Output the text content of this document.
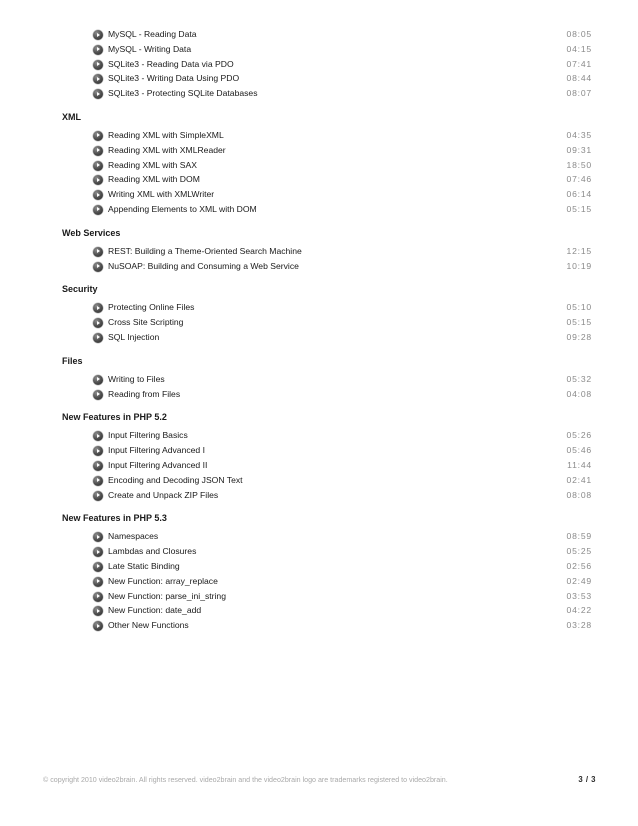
MySQL - Reading Data	08:05
MySQL - Writing Data	04:15
SQLite3 - Reading Data via PDO	07:41
SQLite3 - Writing Data Using PDO	08:44
SQLite3 - Protecting SQLite Databases	08:07
XML
Reading XML with SimpleXML	04:35
Reading XML with XMLReader	09:31
Reading XML with SAX	18:50
Reading XML with DOM	07:46
Writing XML with XMLWriter	06:14
Appending Elements to XML with DOM	05:15
Web Services
REST: Building a Theme-Oriented Search Machine	12:15
NuSOAP: Building and Consuming a Web Service	10:19
Security
Protecting Online Files	05:10
Cross Site Scripting	05:15
SQL Injection	09:28
Files
Writing to Files	05:32
Reading from Files	04:08
New Features in PHP 5.2
Input Filtering Basics	05:26
Input Filtering Advanced I	05:46
Input Filtering Advanced II	11:44
Encoding and Decoding JSON Text	02:41
Create and Unpack ZIP Files	08:08
New Features in PHP 5.3
Namespaces	08:59
Lambdas and Closures	05:25
Late Static Binding	02:56
New Function: array_replace	02:49
New Function: parse_ini_string	03:53
New Function: date_add	04:22
Other New Functions	03:28
© copyright 2010 video2brain. All rights reserved. video2brain and the video2brain logo are trademarks registered to video2brain.	3 / 3
